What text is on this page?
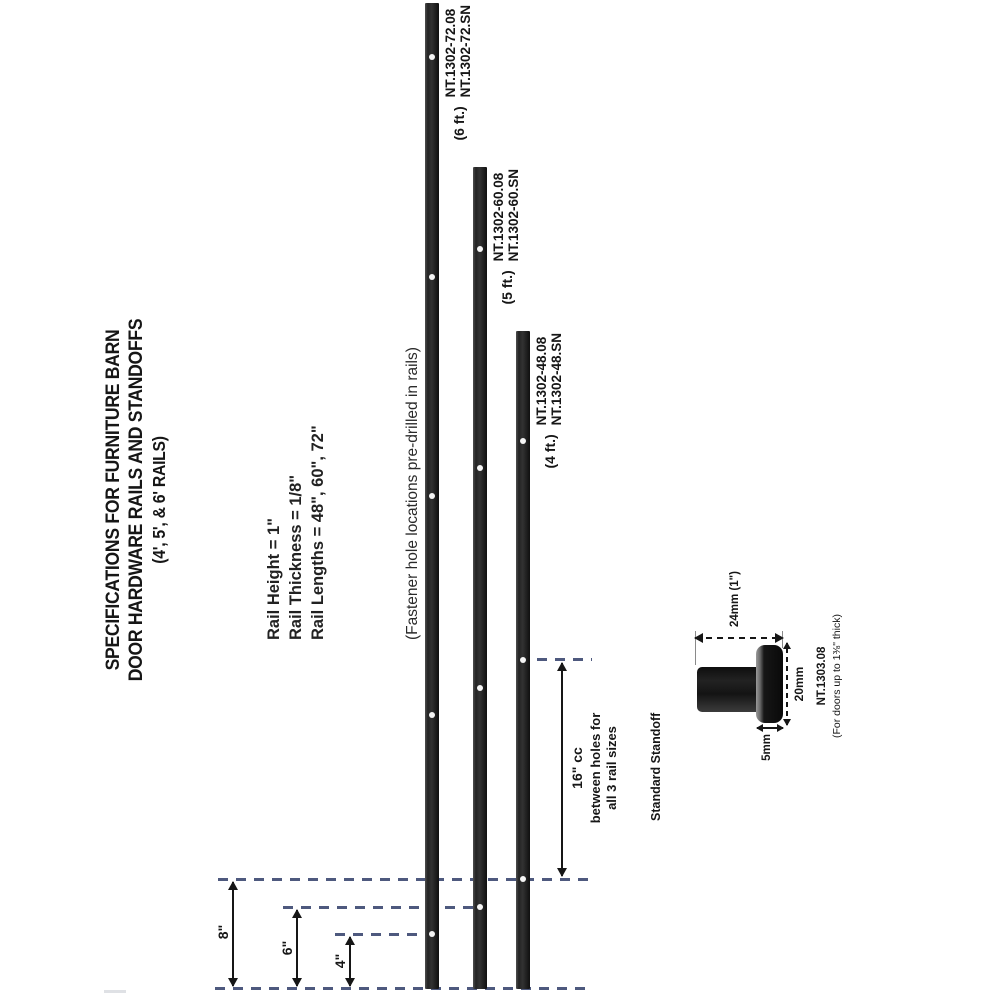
SPECIFICATIONS FOR FURNITURE BARN DOOR HARDWARE RAILS AND STANDOFFS (4', 5', & 6' RAILS)
Rail Height = 1" Rail Thickness = 1/8" Rail Lengths = 48", 60", 72"	(Fastener hole locations pre-drilled in rails)
(6 ft.)
NT.1302-72.08 NT.1302-72.SN
(5 ft.)
NT.1302-60.08 NT.1302-60.SN
(4 ft.)
NT.1302-48.08 NT.1302-48.SN
8"
6"
4"
16" cc between holes for all 3 rail sizes Standard Standoff
24mm (1")
20mm
5mm
NT.1303.08 (For doors up to 1⅜" thick)
